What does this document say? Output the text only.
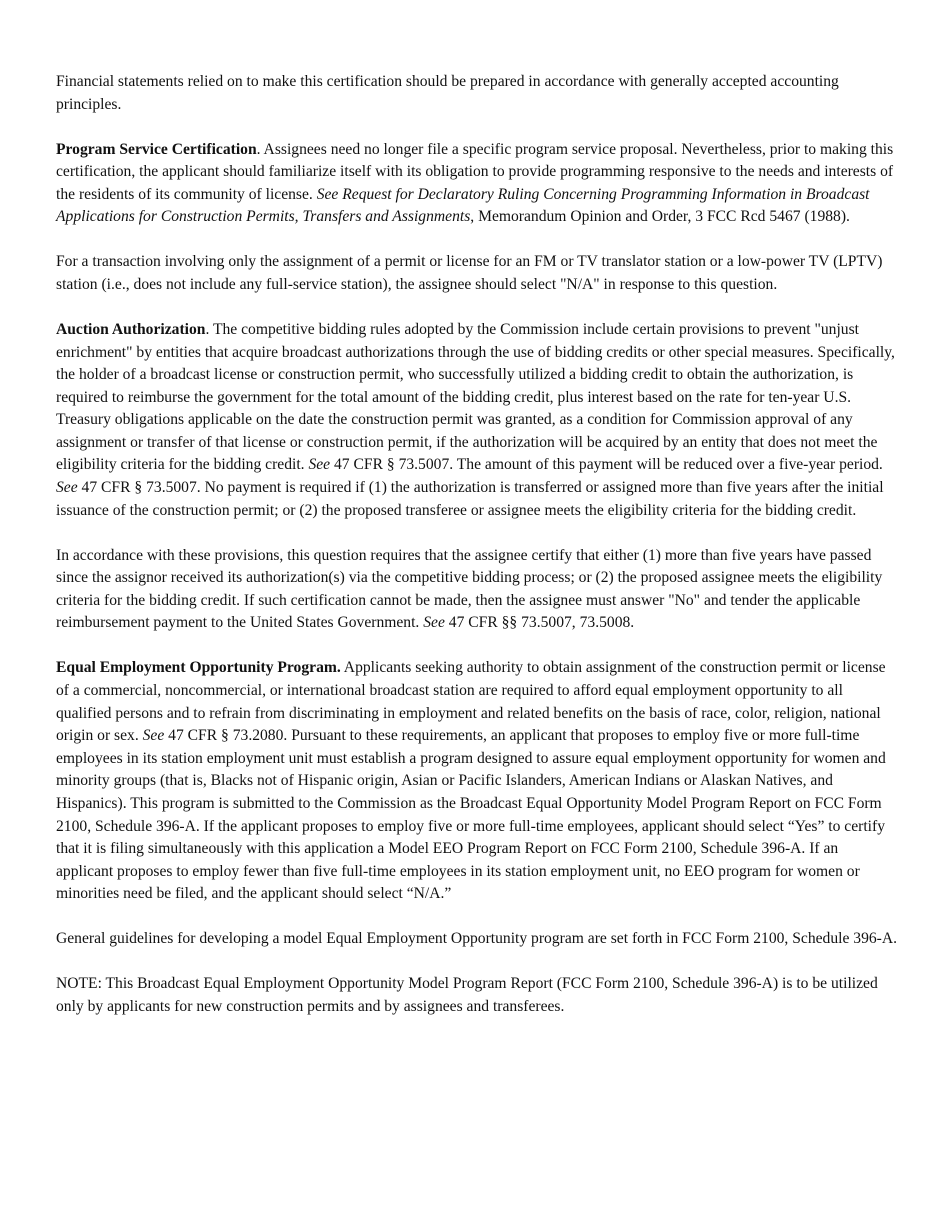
Financial statements relied on to make this certification should be prepared in accordance with generally accepted accounting principles.

Program Service Certification. Assignees need no longer file a specific program service proposal. Nevertheless, prior to making this certification, the applicant should familiarize itself with its obligation to provide programming responsive to the needs and interests of the residents of its community of license. See Request for Declaratory Ruling Concerning Programming Information in Broadcast Applications for Construction Permits, Transfers and Assignments, Memorandum Opinion and Order, 3 FCC Rcd 5467 (1988).

For a transaction involving only the assignment of a permit or license for an FM or TV translator station or a low-power TV (LPTV) station (i.e., does not include any full-service station), the assignee should select "N/A" in response to this question.

Auction Authorization. The competitive bidding rules adopted by the Commission include certain provisions to prevent "unjust enrichment" by entities that acquire broadcast authorizations through the use of bidding credits or other special measures. Specifically, the holder of a broadcast license or construction permit, who successfully utilized a bidding credit to obtain the authorization, is required to reimburse the government for the total amount of the bidding credit, plus interest based on the rate for ten-year U.S. Treasury obligations applicable on the date the construction permit was granted, as a condition for Commission approval of any assignment or transfer of that license or construction permit, if the authorization will be acquired by an entity that does not meet the eligibility criteria for the bidding credit. See 47 CFR § 73.5007. The amount of this payment will be reduced over a five-year period. See 47 CFR § 73.5007. No payment is required if (1) the authorization is transferred or assigned more than five years after the initial issuance of the construction permit; or (2) the proposed transferee or assignee meets the eligibility criteria for the bidding credit.

In accordance with these provisions, this question requires that the assignee certify that either (1) more than five years have passed since the assignor received its authorization(s) via the competitive bidding process; or (2) the proposed assignee meets the eligibility criteria for the bidding credit. If such certification cannot be made, then the assignee must answer "No" and tender the applicable reimbursement payment to the United States Government. See 47 CFR §§ 73.5007, 73.5008.

Equal Employment Opportunity Program. Applicants seeking authority to obtain assignment of the construction permit or license of a commercial, noncommercial, or international broadcast station are required to afford equal employment opportunity to all qualified persons and to refrain from discriminating in employment and related benefits on the basis of race, color, religion, national origin or sex. See 47 CFR § 73.2080. Pursuant to these requirements, an applicant that proposes to employ five or more full-time employees in its station employment unit must establish a program designed to assure equal employment opportunity for women and minority groups (that is, Blacks not of Hispanic origin, Asian or Pacific Islanders, American Indians or Alaskan Natives, and Hispanics). This program is submitted to the Commission as the Broadcast Equal Opportunity Model Program Report on FCC Form 2100, Schedule 396-A. If the applicant proposes to employ five or more full-time employees, applicant should select “Yes” to certify that it is filing simultaneously with this application a Model EEO Program Report on FCC Form 2100, Schedule 396-A. If an applicant proposes to employ fewer than five full-time employees in its station employment unit, no EEO program for women or minorities need be filed, and the applicant should select “N/A.”

General guidelines for developing a model Equal Employment Opportunity program are set forth in FCC Form 2100, Schedule 396-A.

NOTE: This Broadcast Equal Employment Opportunity Model Program Report (FCC Form 2100, Schedule 396-A) is to be utilized only by applicants for new construction permits and by assignees and transferees.
